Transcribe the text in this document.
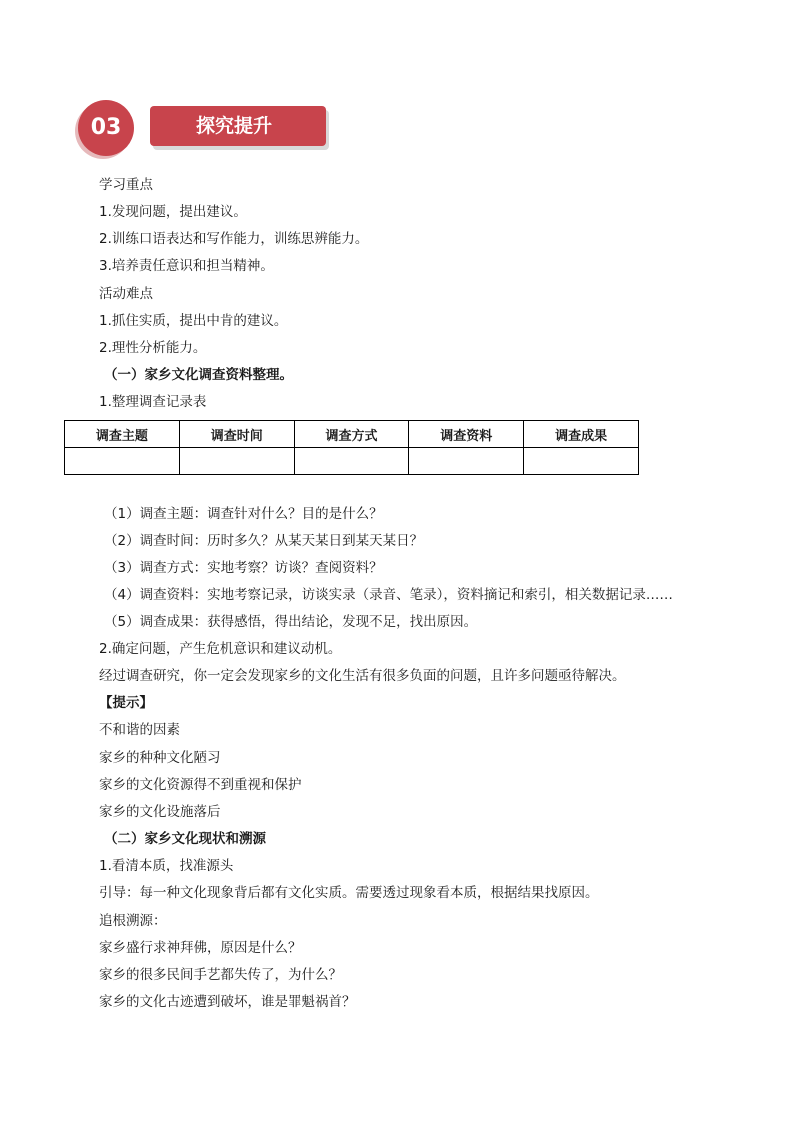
03	探究提升
学习重点
1.发现问题，提出建议。
2.训练口语表达和写作能力，训练思辨能力。
3.培养责任意识和担当精神。
活动难点
1.抓住实质，提出中肯的建议。
2.理性分析能力。
（一）家乡文化调查资料整理。
1.整理调查记录表
调查主题	调查时间	调查方式	调查资料	调查成果

（1）调查主题：调查针对什么？目的是什么？
（2）调查时间：历时多久？从某天某日到某天某日？
（3）调查方式：实地考察？访谈？查阅资料？
（4）调查资料：实地考察记录，访谈实录（录音、笔录），资料摘记和索引，相关数据记录……
（5）调查成果：获得感悟，得出结论，发现不足，找出原因。
2.确定问题，产生危机意识和建议动机。
经过调查研究，你一定会发现家乡的文化生活有很多负面的问题，且许多问题亟待解决。
【提示】
不和谐的因素
家乡的种种文化陋习
家乡的文化资源得不到重视和保护
家乡的文化设施落后
（二）家乡文化现状和溯源
1.看清本质，找准源头
引导：每一种文化现象背后都有文化实质。需要透过现象看本质，根据结果找原因。
追根溯源：
家乡盛行求神拜佛，原因是什么？
家乡的很多民间手艺都失传了，为什么？
家乡的文化古迹遭到破坏，谁是罪魁祸首？
